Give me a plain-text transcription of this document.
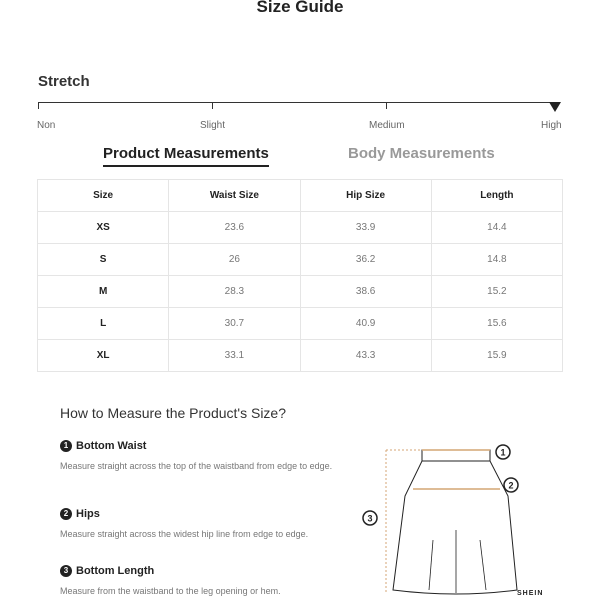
Size Guide
Stretch
Non	Slight	Medium	High
Product Measurements	Body Measurements
Size	Waist Size	Hip Size	Length
XS	23.6	33.9	14.4
S	26	36.2	14.8
M	28.3	38.6	15.2
L	30.7	40.9	15.6
XL	33.1	43.3	15.9
How to Measure the Product's Size?
1 Bottom Waist
Measure straight across the top of the waistband from edge to edge.
2 Hips
Measure straight across the widest hip line from edge to edge.
3 Bottom Length
Measure from the waistband to the leg opening or hem.
1
2
3
SHEIN
